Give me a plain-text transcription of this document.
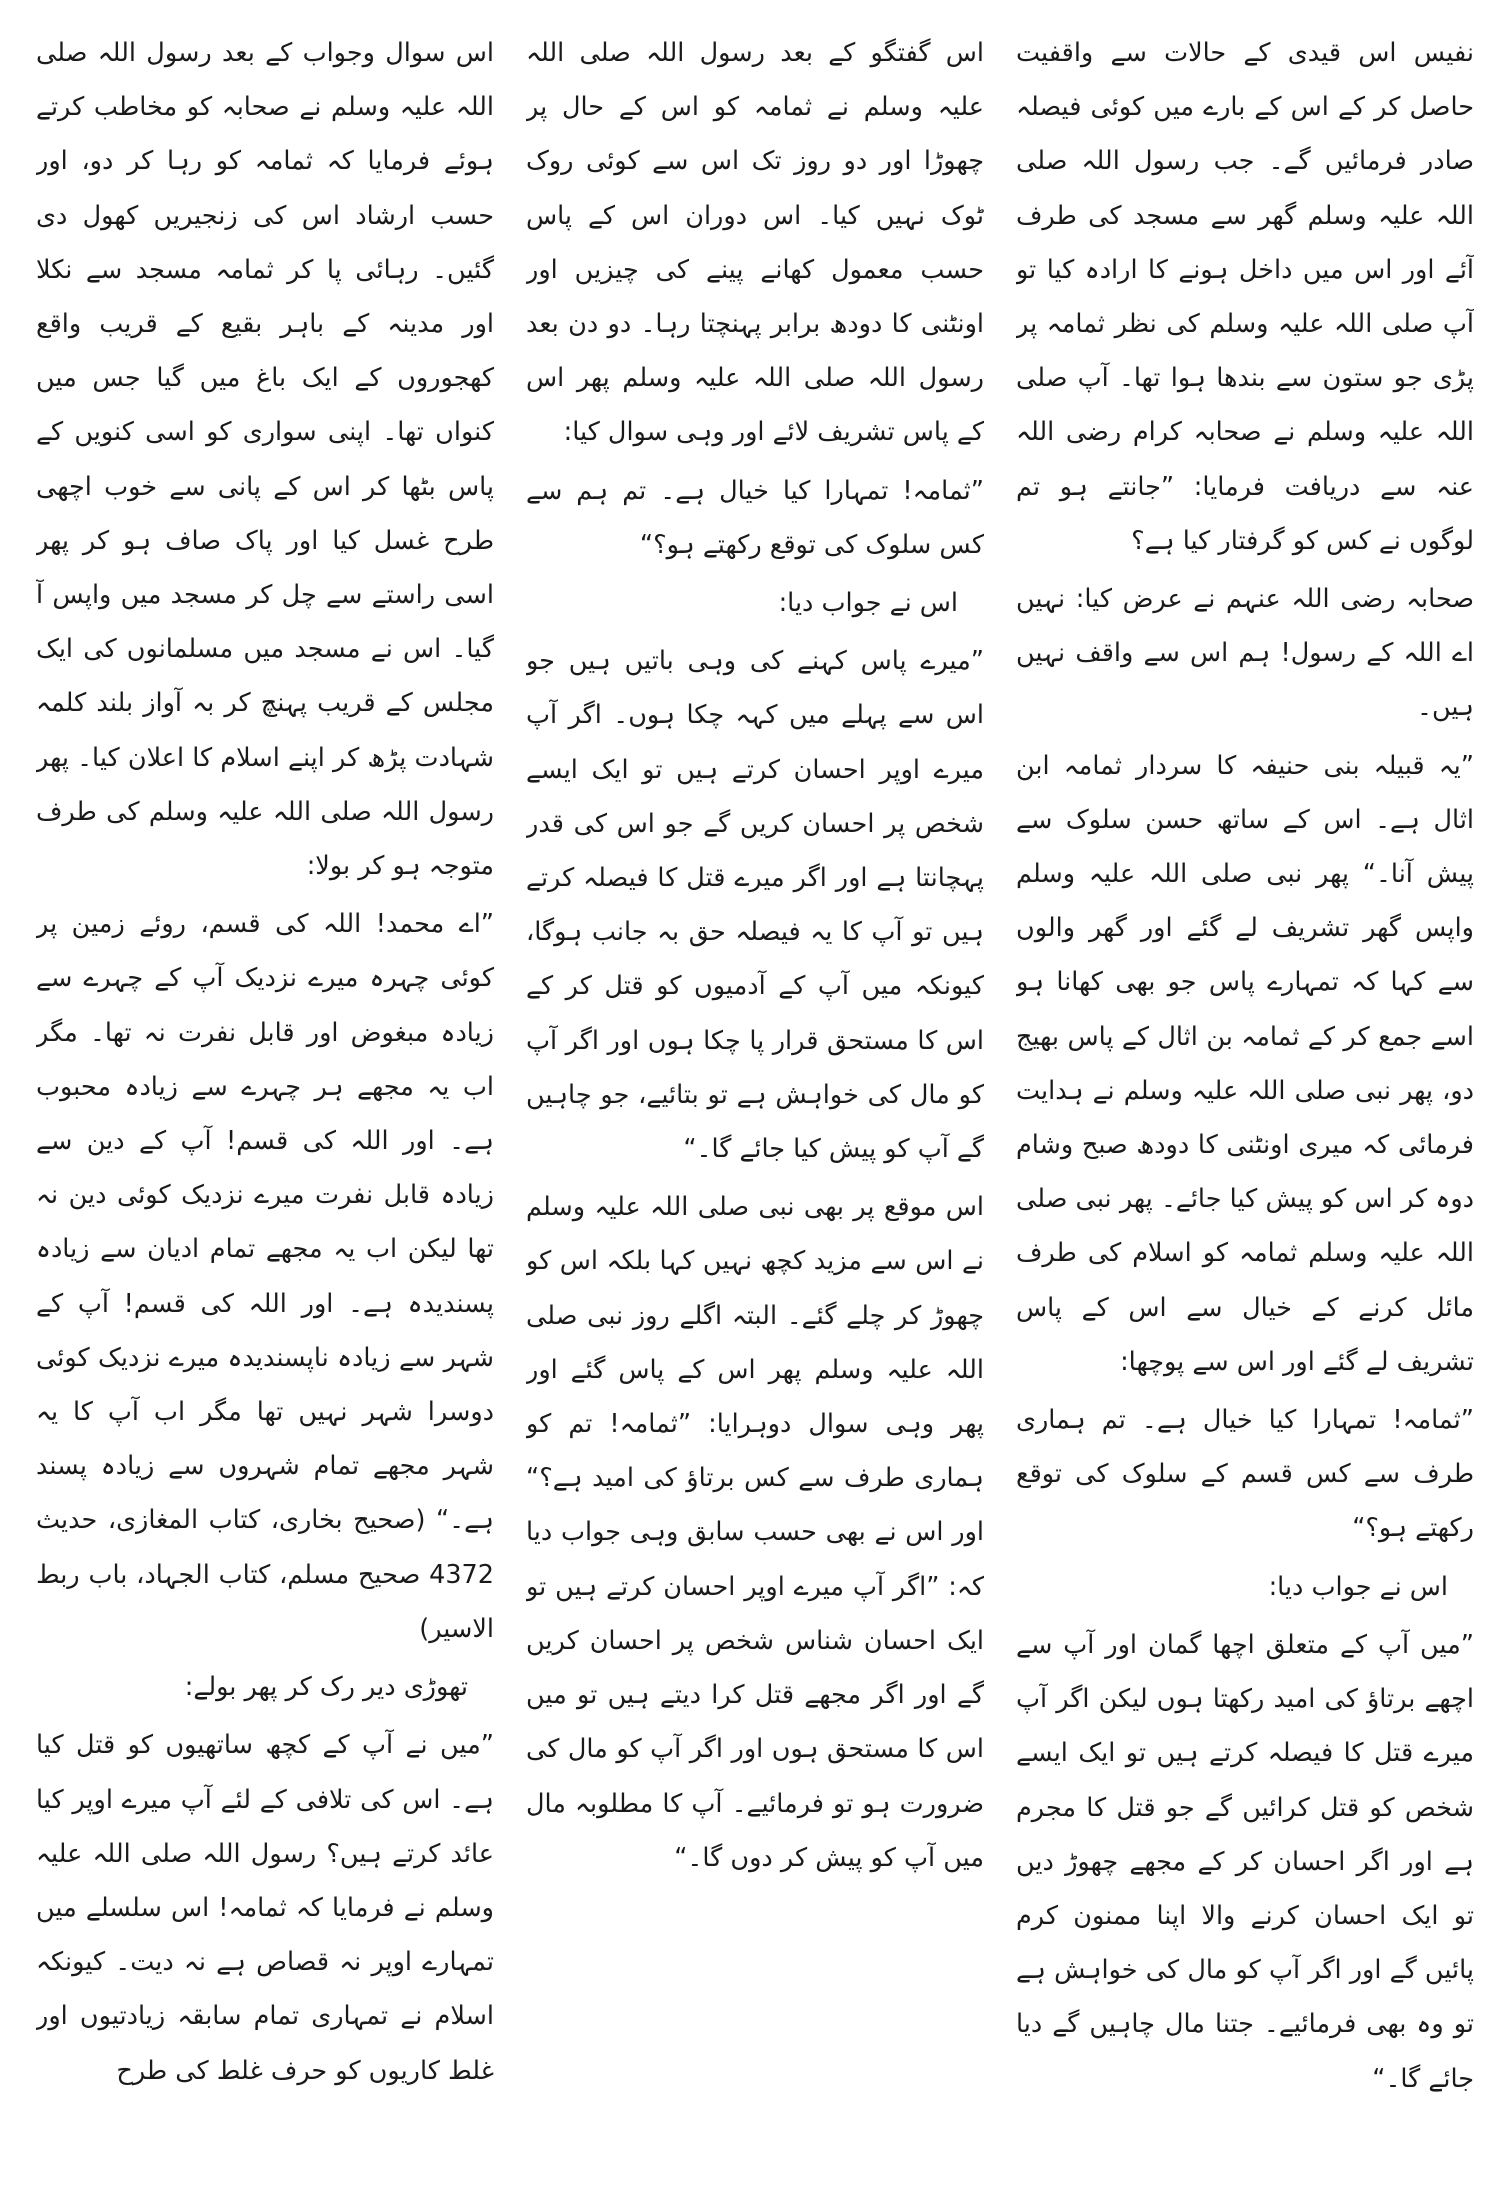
نفیس اس قیدی کے حالات سے واقفیت حاصل کر کے اس کے بارے میں کوئی فیصلہ صادر فرمائیں گے۔ جب رسول اللہ صلی اللہ علیہ وسلم گھر سے مسجد کی طرف آئے اور اس میں داخل ہونے کا ارادہ کیا تو آپ صلی اللہ علیہ وسلم کی نظر ثمامہ پر پڑی جو ستون سے بندھا ہوا تھا۔ آپ صلی اللہ علیہ وسلم نے صحابہ کرام رضی اللہ عنہ سے دریافت فرمایا: ”جانتے ہو تم لوگوں نے کس کو گرفتار کیا ہے؟

صحابہ رضی اللہ عنہم نے عرض کیا: نہیں اے اللہ کے رسول! ہم اس سے واقف نہیں ہیں۔

”یہ قبیلہ بنی حنیفہ کا سردار ثمامہ ابن اثال ہے۔ اس کے ساتھ حسن سلوک سے پیش آنا۔“ پھر نبی صلی اللہ علیہ وسلم واپس گھر تشریف لے گئے اور گھر والوں سے کہا کہ تمہارے پاس جو بھی کھانا ہو اسے جمع کر کے ثمامہ بن اثال کے پاس بھیج دو، پھر نبی صلی اللہ علیہ وسلم نے ہدایت فرمائی کہ میری اونٹنی کا دودھ صبح وشام دوہ کر اس کو پیش کیا جائے۔ پھر نبی صلی اللہ علیہ وسلم ثمامہ کو اسلام کی طرف مائل کرنے کے خیال سے اس کے پاس تشریف لے گئے اور اس سے پوچھا:

”ثمامہ! تمہارا کیا خیال ہے۔ تم ہماری طرف سے کس قسم کے سلوک کی توقع رکھتے ہو؟“

اس نے جواب دیا:

”میں آپ کے متعلق اچھا گمان اور آپ سے اچھے برتاؤ کی امید رکھتا ہوں لیکن اگر آپ میرے قتل کا فیصلہ کرتے ہیں تو ایک ایسے شخص کو قتل کرائیں گے جو قتل کا مجرم ہے اور اگر احسان کر کے مجھے چھوڑ دیں تو ایک احسان کرنے والا اپنا ممنون کرم پائیں گے اور اگر آپ کو مال کی خواہش ہے تو وہ بھی فرمائیے۔ جتنا مال چاہیں گے دیا جائے گا۔“

اس گفتگو کے بعد رسول اللہ صلی اللہ علیہ وسلم نے ثمامہ کو اس کے حال پر چھوڑا اور دو روز تک اس سے کوئی روک ٹوک نہیں کیا۔ اس دوران اس کے پاس حسب معمول کھانے پینے کی چیزیں اور اونٹنی کا دودھ برابر پہنچتا رہا۔ دو دن بعد رسول اللہ صلی اللہ علیہ وسلم پھر اس کے پاس تشریف لائے اور وہی سوال کیا:

”ثمامہ! تمہارا کیا خیال ہے۔ تم ہم سے کس سلوک کی توقع رکھتے ہو؟“

اس نے جواب دیا:

”میرے پاس کہنے کی وہی باتیں ہیں جو اس سے پہلے میں کہہ چکا ہوں۔ اگر آپ میرے اوپر احسان کرتے ہیں تو ایک ایسے شخص پر احسان کریں گے جو اس کی قدر پہچانتا ہے اور اگر میرے قتل کا فیصلہ کرتے ہیں تو آپ کا یہ فیصلہ حق بہ جانب ہوگا، کیونکہ میں آپ کے آدمیوں کو قتل کر کے اس کا مستحق قرار پا چکا ہوں اور اگر آپ کو مال کی خواہش ہے تو بتائیے، جو چاہیں گے آپ کو پیش کیا جائے گا۔“

اس موقع پر بھی نبی صلی اللہ علیہ وسلم نے اس سے مزید کچھ نہیں کہا بلکہ اس کو چھوڑ کر چلے گئے۔ البتہ اگلے روز نبی صلی اللہ علیہ وسلم پھر اس کے پاس گئے اور پھر وہی سوال دوہرایا: ”ثمامہ! تم کو ہماری طرف سے کس برتاؤ کی امید ہے؟“ اور اس نے بھی حسب سابق وہی جواب دیا کہ: ”اگر آپ میرے اوپر احسان کرتے ہیں تو ایک احسان شناس شخص پر احسان کریں گے اور اگر مجھے قتل کرا دیتے ہیں تو میں اس کا مستحق ہوں اور اگر آپ کو مال کی ضرورت ہو تو فرمائیے۔ آپ کا مطلوبہ مال میں آپ کو پیش کر دوں گا۔“

اس سوال وجواب کے بعد رسول اللہ صلی اللہ علیہ وسلم نے صحابہ کو مخاطب کرتے ہوئے فرمایا کہ ثمامہ کو رہا کر دو، اور حسب ارشاد اس کی زنجیریں کھول دی گئیں۔ رہائی پا کر ثمامہ مسجد سے نکلا اور مدینہ کے باہر بقیع کے قریب واقع کھجوروں کے ایک باغ میں گیا جس میں کنواں تھا۔ اپنی سواری کو اسی کنویں کے پاس بٹھا کر اس کے پانی سے خوب اچھی طرح غسل کیا اور پاک صاف ہو کر پھر اسی راستے سے چل کر مسجد میں واپس آ گیا۔ اس نے مسجد میں مسلمانوں کی ایک مجلس کے قریب پہنچ کر بہ آواز بلند کلمہ شہادت پڑھ کر اپنے اسلام کا اعلان کیا۔ پھر رسول اللہ صلی اللہ علیہ وسلم کی طرف متوجہ ہو کر بولا:

”اے محمد! اللہ کی قسم، روئے زمین پر کوئی چہرہ میرے نزدیک آپ کے چہرے سے زیادہ مبغوض اور قابل نفرت نہ تھا۔ مگر اب یہ مجھے ہر چہرے سے زیادہ محبوب ہے۔ اور اللہ کی قسم! آپ کے دین سے زیادہ قابل نفرت میرے نزدیک کوئی دین نہ تھا لیکن اب یہ مجھے تمام ادیان سے زیادہ پسندیدہ ہے۔ اور اللہ کی قسم! آپ کے شہر سے زیادہ ناپسندیدہ میرے نزدیک کوئی دوسرا شہر نہیں تھا مگر اب آپ کا یہ شہر مجھے تمام شہروں سے زیادہ پسند ہے۔“ (صحیح بخاری، کتاب المغازی، حدیث 4372 صحیح مسلم، کتاب الجہاد، باب ربط الاسیر)

تھوڑی دیر رک کر پھر بولے:

”میں نے آپ کے کچھ ساتھیوں کو قتل کیا ہے۔ اس کی تلافی کے لئے آپ میرے اوپر کیا عائد کرتے ہیں؟ رسول اللہ صلی اللہ علیہ وسلم نے فرمایا کہ ثمامہ! اس سلسلے میں تمہارے اوپر نہ قصاص ہے نہ دیت۔ کیونکہ اسلام نے تمہاری تمام سابقہ زیادتیوں اور غلط کاریوں کو حرف غلط کی طرح
